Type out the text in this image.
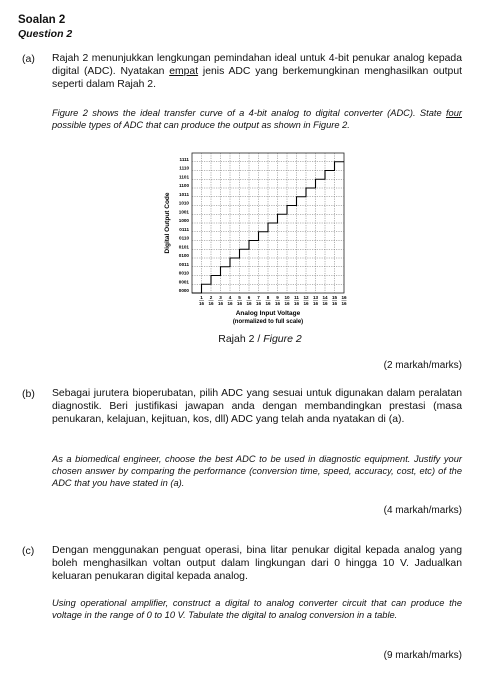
Soalan 2
Question 2
(a) Rajah 2 menunjukkan lengkungan pemindahan ideal untuk 4-bit penukar analog kepada digital (ADC). Nyatakan empat jenis ADC yang berkemungkinan menghasilkan output seperti dalam Rajah 2.
Figure 2 shows the ideal transfer curve of a 4-bit analog to digital converter (ADC). State four possible types of ADC that can produce the output as shown in Figure 2.
0000
0001
0010
0011
0100
0101
0110
0111
1000
1001
1010
1011
1100
1101
1110
1111
1
16
2
16
3
16
4
16
5
16
6
16
7
16
8
16
9
16
10
16
11
16
12
16
13
16
14
16
15
16
16
16
Digital Output Code
Analog Input Voltage
(normalized to full scale)
Rajah 2 / Figure 2
(2 markah/marks)
(b) Sebagai jurutera bioperubatan, pilih ADC yang sesuai untuk digunakan dalam peralatan diagnostik. Beri justifikasi jawapan anda dengan membandingkan prestasi (masa penukaran, kelajuan, kejituan, kos, dll) ADC yang telah anda nyatakan di (a).
As a biomedical engineer, choose the best ADC to be used in diagnostic equipment. Justify your chosen answer by comparing the performance (conversion time, speed, accuracy, cost, etc) of the ADC that you have stated in (a).
(4 markah/marks)
(c) Dengan menggunakan penguat operasi, bina litar penukar digital kepada analog yang boleh menghasilkan voltan output dalam lingkungan dari 0 hingga 10 V. Jadualkan keluaran penukaran digital kepada analog.
Using operational amplifier, construct a digital to analog converter circuit that can produce the voltage in the range of 0 to 10 V. Tabulate the digital to analog conversion in a table.
(9 markah/marks)
